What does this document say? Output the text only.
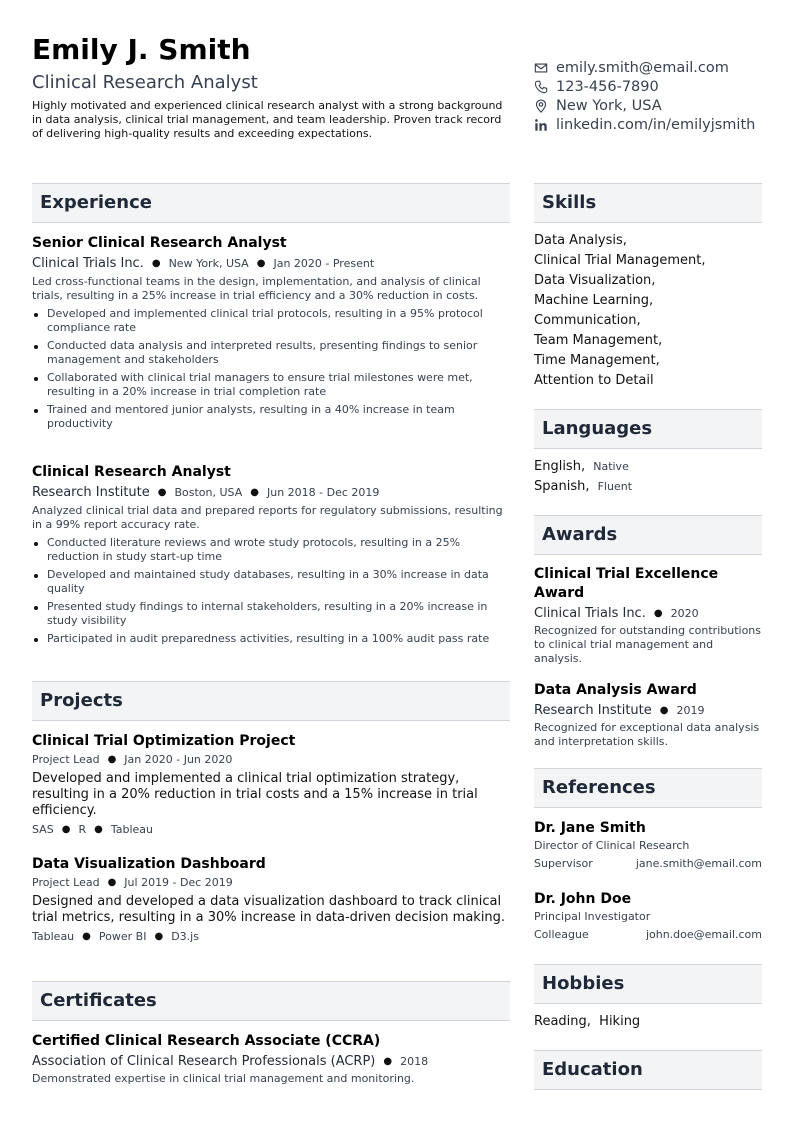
Emily J. Smith
Clinical Research Analyst
Highly motivated and experienced clinical research analyst with a strong background in data analysis, clinical trial management, and team leadership. Proven track record of delivering high-quality results and exceeding expectations.
emily.smith@email.com
123-456-7890
New York, USA
linkedin.com/in/emilyjsmith
Experience
Senior Clinical Research Analyst
Clinical Trials Inc. ● New York, USA ● Jan 2020 - Present
Led cross-functional teams in the design, implementation, and analysis of clinical trials, resulting in a 25% increase in trial efficiency and a 30% reduction in costs.
Developed and implemented clinical trial protocols, resulting in a 95% protocol compliance rate
Conducted data analysis and interpreted results, presenting findings to senior management and stakeholders
Collaborated with clinical trial managers to ensure trial milestones were met, resulting in a 20% increase in trial completion rate
Trained and mentored junior analysts, resulting in a 40% increase in team productivity
Clinical Research Analyst
Research Institute ● Boston, USA ● Jun 2018 - Dec 2019
Analyzed clinical trial data and prepared reports for regulatory submissions, resulting in a 99% report accuracy rate.
Conducted literature reviews and wrote study protocols, resulting in a 25% reduction in study start-up time
Developed and maintained study databases, resulting in a 30% increase in data quality
Presented study findings to internal stakeholders, resulting in a 20% increase in study visibility
Participated in audit preparedness activities, resulting in a 100% audit pass rate
Projects
Clinical Trial Optimization Project
Project Lead ● Jan 2020 - Jun 2020
Developed and implemented a clinical trial optimization strategy, resulting in a 20% reduction in trial costs and a 15% increase in trial efficiency.
SAS ● R ● Tableau
Data Visualization Dashboard
Project Lead ● Jul 2019 - Dec 2019
Designed and developed a data visualization dashboard to track clinical trial metrics, resulting in a 30% increase in data-driven decision making.
Tableau ● Power BI ● D3.js
Certificates
Certified Clinical Research Associate (CCRA)
Association of Clinical Research Professionals (ACRP) ● 2018
Demonstrated expertise in clinical trial management and monitoring.
Skills
Data Analysis,
Clinical Trial Management,
Data Visualization,
Machine Learning,
Communication,
Team Management,
Time Management,
Attention to Detail
Languages
English, Native
Spanish, Fluent
Awards
Clinical Trial Excellence Award
Clinical Trials Inc. ● 2020
Recognized for outstanding contributions to clinical trial management and analysis.
Data Analysis Award
Research Institute ● 2019
Recognized for exceptional data analysis and interpretation skills.
References
Dr. Jane Smith
Director of Clinical Research
Supervisor	jane.smith@email.com
Dr. John Doe
Principal Investigator
Colleague	john.doe@email.com
Hobbies
Reading,  Hiking
Education
